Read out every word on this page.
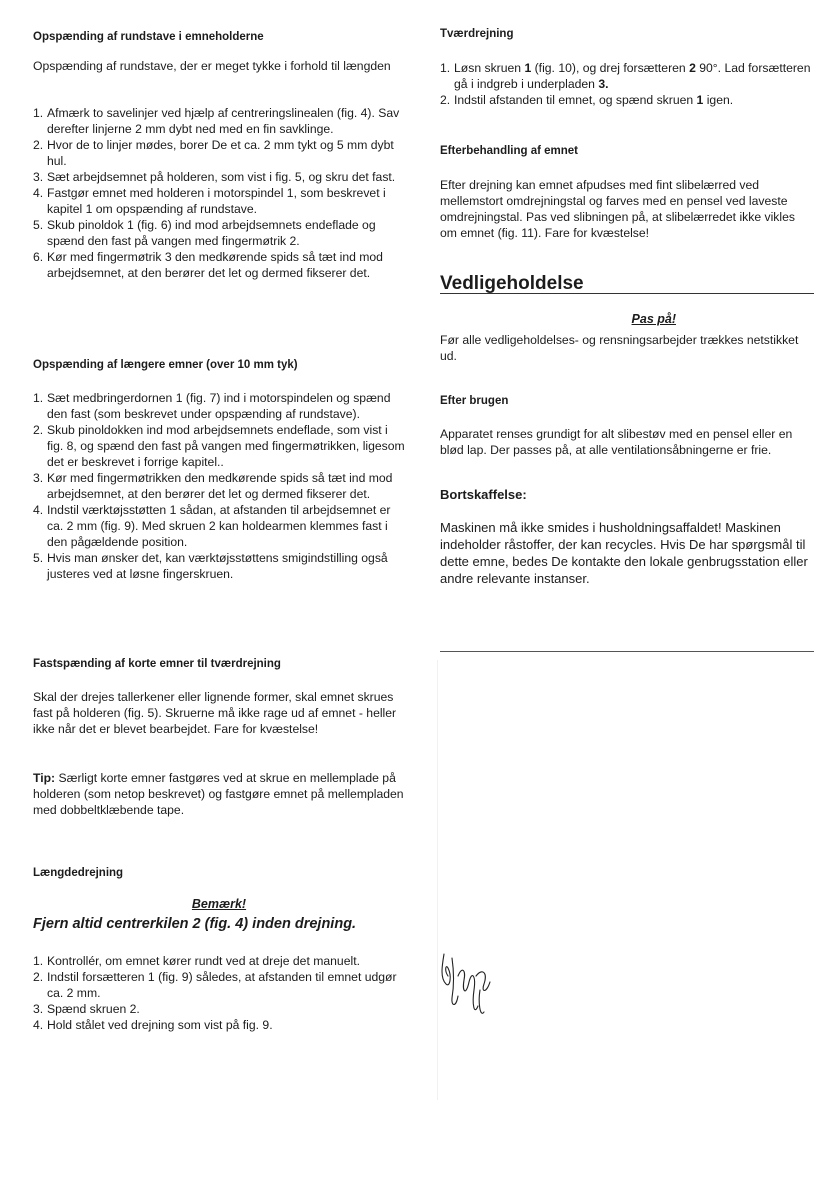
Opspænding af rundstave i emneholderne
Opspænding af rundstave, der er meget tykke i forhold til længden
1. Afmærk to savelinjer ved hjælp af centreringslinealen (fig. 4). Sav derefter linjerne 2 mm dybt ned med en fin savklinge.
2. Hvor de to linjer mødes, borer De et ca. 2 mm tykt og 5 mm dybt hul.
3. Sæt arbejdsemnet på holderen, som vist i fig. 5, og skru det fast.
4. Fastgør emnet med holderen i motorspindel 1, som beskrevet i kapitel 1 om opspænding af rundstave.
5. Skub pinoldok 1 (fig. 6) ind mod arbejdsemnets endeflade og spænd den fast på vangen med fingermøtrik 2.
6. Kør med fingermøtrik 3 den medkørende spids så tæt ind mod arbejdsemnet, at den berører det let og dermed fikserer det.
Opspænding af længere emner (over 10 mm tyk)
1. Sæt medbringerdornen 1 (fig. 7) ind i motorspindelen og spænd den fast (som beskrevet under opspænding af rundstave).
2. Skub pinoldokken ind mod arbejdsemnets endeflade, som vist i fig. 8, og spænd den fast på vangen med fingermøtrikken, ligesom det er beskrevet i forrige kapitel..
3. Kør med fingermøtrikken den medkørende spids så tæt ind mod arbejdsemnet, at den berører det let og dermed fikserer det.
4. Indstil værktøjsstøtten 1 sådan, at afstanden til arbejdsemnet er ca. 2 mm (fig. 9). Med skruen 2 kan holdearmen klemmes fast i den pågældende position.
5. Hvis man ønsker det, kan værktøjsstøttens smigindstilling også justeres ved at løsne fingerskruen.
Fastspænding af korte emner til tværdrejning
Skal der drejes tallerkener eller lignende former, skal emnet skrues fast på holderen (fig. 5). Skruerne må ikke rage ud af emnet - heller ikke når det er blevet bearbejdet. Fare for kvæstelse!
Tip: Særligt korte emner fastgøres ved at skrue en mellemplade på holderen (som netop beskrevet) og fastgøre emnet på mellempladen med dobbeltklæbende tape.
Længdedrejning
Bemærk!
Fjern altid centrerkilen 2 (fig. 4) inden drejning.
1. Kontrollér, om emnet kører rundt ved at dreje det manuelt.
2. Indstil forsætteren 1 (fig. 9) således, at afstanden til emnet udgør ca. 2 mm.
3. Spænd skruen 2.
4. Hold stålet ved drejning som vist på fig. 9.
Tværdrejning
1. Løsn skruen 1 (fig. 10), og drej forsætteren 2 90°. Lad forsætteren gå i indgreb i underpladen 3.
2. Indstil afstanden til emnet, og spænd skruen 1 igen.
Efterbehandling af emnet
Efter drejning kan emnet afpudses med fint slibelærred ved mellemstort omdrejningstal og farves med en pensel ved laveste omdrejningstal. Pas ved slibningen på, at slibelærredet ikke vikles om emnet (fig. 11). Fare for kvæstelse!
Vedligeholdelse
Pas på!
Før alle vedligeholdelses- og rensningsarbejder trækkes netstikket ud.
Efter brugen
Apparatet renses grundigt for alt slibestøv med en pensel eller en blød lap. Der passes på, at alle ventilationsåbningerne er frie.
Bortskaffelse:
Maskinen må ikke smides i husholdningsaffaldet! Maskinen indeholder råstoffer, der kan recycles. Hvis De har spørgsmål til dette emne, bedes De kontakte den lokale genbrugsstation eller andre relevante instanser.
